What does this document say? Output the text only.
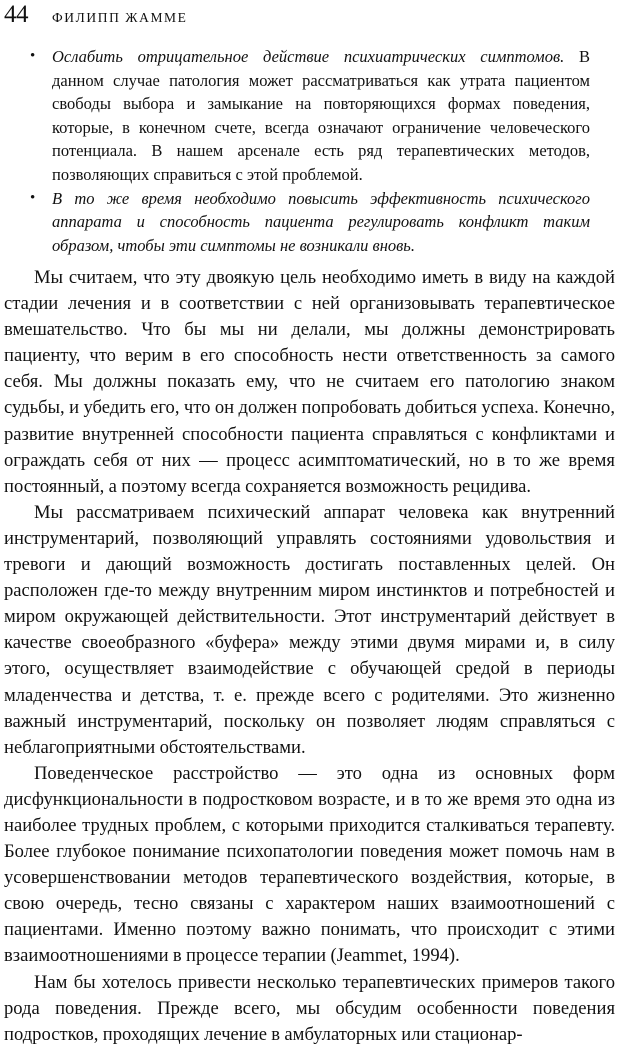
44 ФИЛИПП ЖАММЕ
• Ослабить отрицательное действие психиатрических симптомов. В данном случае патология может рассматриваться как утрата пациентом свободы выбора и замыкание на повторяющихся формах поведения, которые, в конечном счете, всегда означают ограничение человеческого потенциала. В нашем арсенале есть ряд терапевтических методов, позволяющих справиться с этой проблемой.
• В то же время необходимо повысить эффективность психического аппарата и способность пациента регулировать конфликт таким образом, чтобы эти симптомы не возникали вновь.

Мы считаем, что эту двоякую цель необходимо иметь в виду на каждой стадии лечения и в соответствии с ней организовывать терапевтическое вмешательство. Что бы мы ни делали, мы должны демонстрировать пациенту, что верим в его способность нести ответственность за самого себя. Мы должны показать ему, что не считаем его патологию знаком судьбы, и убедить его, что он должен попробовать добиться успеха. Конечно, развитие внутренней способности пациента справляться с конфликтами и ограждать себя от них — процесс асимптоматический, но в то же время постоянный, а поэтому всегда сохраняется возможность рецидива.

Мы рассматриваем психический аппарат человека как внутренний инструментарий, позволяющий управлять состояниями удовольствия и тревоги и дающий возможность достигать поставленных целей. Он расположен где-то между внутренним миром инстинктов и потребностей и миром окружающей действительности. Этот инструментарий действует в качестве своеобразного «буфера» между этими двумя мирами и, в силу этого, осуществляет взаимодействие с обучающей средой в периоды младенчества и детства, т. е. прежде всего с родителями. Это жизненно важный инструментарий, поскольку он позволяет людям справляться с неблагоприятными обстоятельствами.

Поведенческое расстройство — это одна из основных форм дисфункциональности в подростковом возрасте, и в то же время это одна из наиболее трудных проблем, с которыми приходится сталкиваться терапевту. Более глубокое понимание психопатологии поведения может помочь нам в усовершенствовании методов терапевтического воздействия, которые, в свою очередь, тесно связаны с характером наших взаимоотношений с пациентами. Именно поэтому важно понимать, что происходит с этими взаимоотношениями в процессе терапии (Jeammet, 1994).

Нам бы хотелось привести несколько терапевтических примеров такого рода поведения. Прежде всего, мы обсудим особенности поведения подростков, проходящих лечение в амбулаторных или стационар-
